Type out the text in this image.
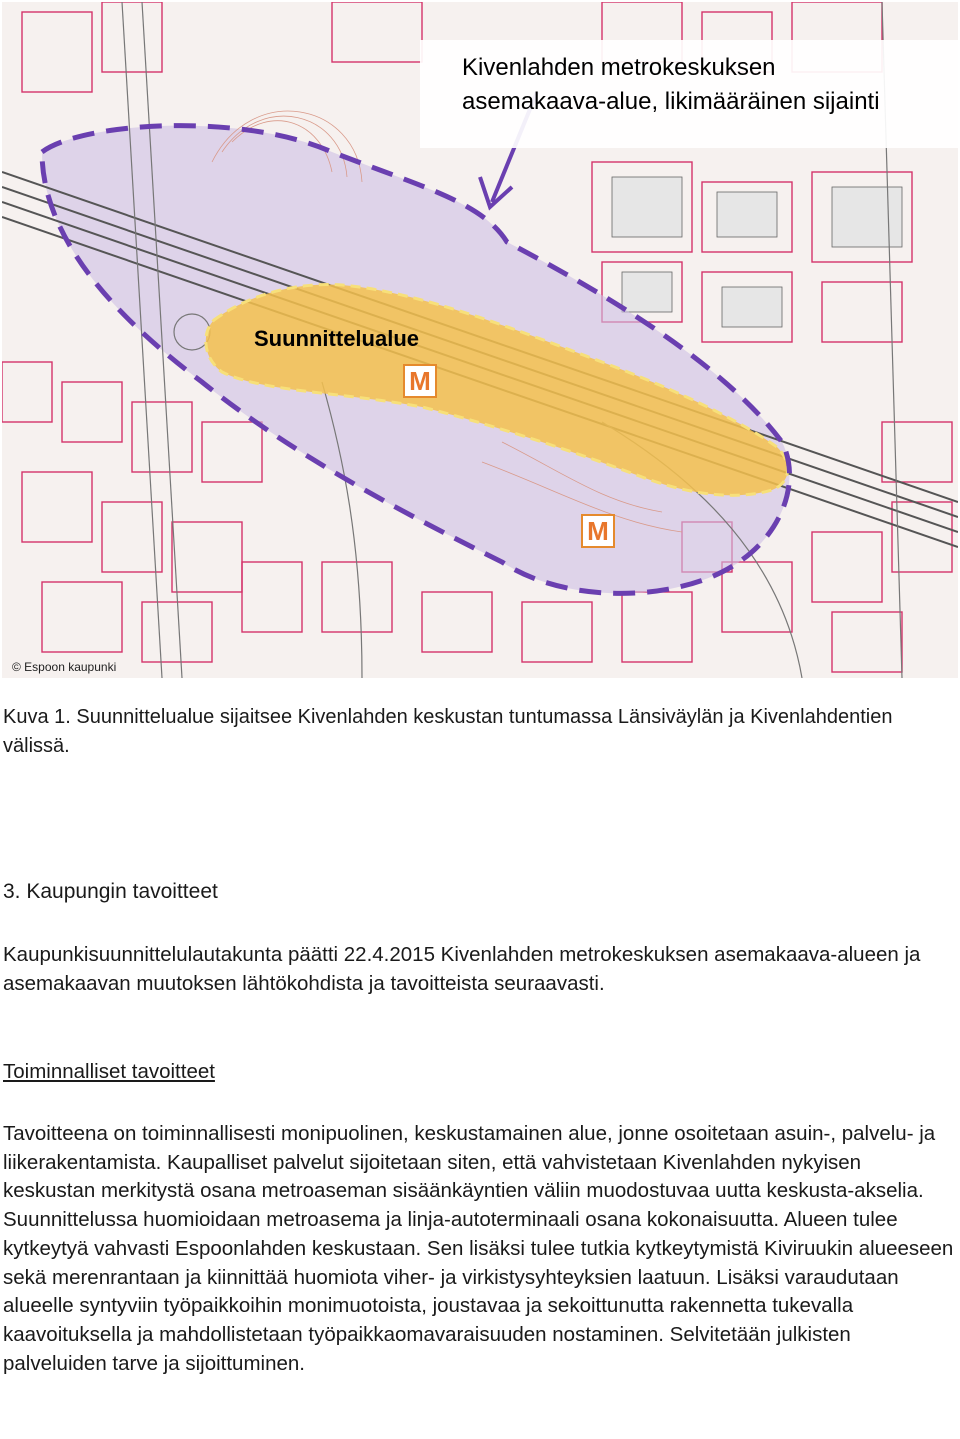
Kivenlahden metrokeskuksen
asemakaava-alue, likimääräinen sijainti
Suunnittelualue
M
M
© Espoon kaupunki
Kuva 1. Suunnittelualue sijaitsee Kivenlahden keskustan tuntumassa Länsiväylän ja Kivenlahdentien välissä.
3. Kaupungin tavoitteet
Kaupunkisuunnittelulautakunta päätti 22.4.2015 Kivenlahden metrokeskuksen asemakaava-alueen ja asemakaavan muutoksen lähtökohdista ja tavoitteista seuraavasti.
Toiminnalliset tavoitteet
Tavoitteena on toiminnallisesti monipuolinen, keskustamainen alue, jonne osoitetaan asuin-, palvelu- ja liikerakentamista. Kaupalliset palvelut sijoitetaan siten, että vahvistetaan Kivenlahden nykyisen keskustan merkitystä osana metroaseman sisäänkäyntien väliin muodostuvaa uutta keskusta-akselia. Suunnittelussa huomioidaan metroasema ja linja-autoterminaali osana kokonaisuutta. Alueen tulee kytkeytyä vahvasti Espoonlahden keskustaan. Sen lisäksi tulee tutkia kytkeytymistä Kiviruukin alueeseen sekä merenrantaan ja kiinnittää huomiota viher- ja virkistysyhteyksien laatuun. Lisäksi varaudutaan alueelle syntyviin työpaikkoihin monimuotoista, joustavaa ja sekoittunutta rakennetta tukevalla kaavoituksella ja mahdollistetaan työpaikkaomavaraisuuden nostaminen. Selvitetään julkisten palveluiden tarve ja sijoittuminen.
